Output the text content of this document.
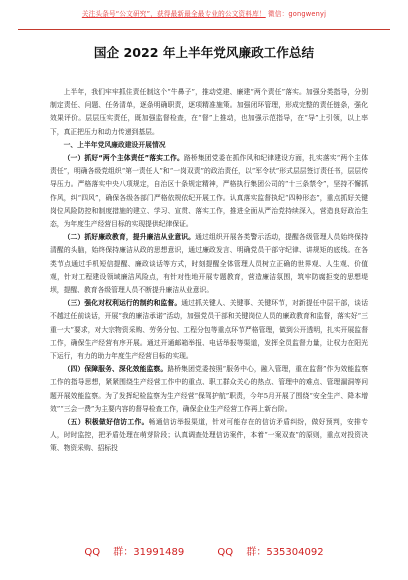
关注头条号“公文研究”，获得最新最全最专业的公文资料库！ 微信：gongwenyj
国企 2022 年上半年党风廉政工作总结

上半年，我们牢牢抓住责任制这个“牛鼻子”，推动党建、廉建“两个责任”落实。加强分类指导，分别制定责任、问题、任务清单，逐条明确职责，逐项精准施策。加强闭环管理，形成完整的责任链条，强化效果评价。层层压实责任，既加强监督检查，在“督”上推动，也加强示范指导，在“导”上引领，以上率下，真正把压力和动力传递到基层。

一、上半年党风廉政建设开展情况

（一）抓好“两个主体责任”落实工作。路桥集团党委在抓作风和纪律建设方面，扎实落实“两个主体责任”，明确各级党组织“第一责任人”和“一岗双责”的政治责任，以“军令状”形式层层签订责任书，层层传导压力。严格落实中央八项规定，自治区十条规定精神，严格执行集团公司的“十三条禁令”，坚持不懈抓作风，纠“四风”，确保各级各部门严格依规依纪开展工作。认真落实监督执纪“四种形态”，重点抓好关键岗位风险防控和制度措施的建立、学习、宣贯、落实工作，推进全面从严治党持续深入，营造良好政治生态，为年度生产经营目标的实现提供纪律保证。

（二）抓好廉政教育，提升廉洁从业意识。通过组织开展各类警示活动，提醒各级管理人员始终保持清醒的头脑，始终保持廉洁从政的思想意识，通过廉政发言、明确党员干部守纪律、讲规矩的底线。在各类节点通过手机短信提醒、廉政谈话等方式，时刻提醒全体管理人员树立正确的世界观、人生观、价值观，针对工程建设领域廉洁风险点，有针对性地开展专题教育，营造廉洁氛围，筑牢防腐拒变的思想堤坝，提醒、教育各级管理人员不断提升廉洁从业意识。

（三）强化对权利运行的制约和监督。通过抓关键人、关键事、关键环节，对新提任中层干部，谈话不越过任前谈话，开展“我的廉洁承诺”活动，加强党员干部和关键岗位人员的廉政教育和监督，落实好“三重一大”要求，对大宗物资采购、劳务分包、工程分包等重点环节严格管理，做到公开透明，扎实开展监督工作，确保生产经营有序开展。通过开通邮箱举报、电话举报等渠道，发挥全员监督力量，让权力在阳光下运行，有力的助力年度生产经营目标的实现。

（四）保障服务、深化效能监察。路桥集团党委按照“服务中心，融入管理，重在监督”作为效能监察工作的指导思想，紧紧围绕生产经营工作中的重点、职工群众关心的热点、管理中的难点、管理漏洞等问题开展效能监察。为了发挥纪检监察为生产经营“保驾护航”职责，今年5月开展了围绕“安全生产、降本增效”“三会一费”为主要内容的督导检查工作，确保企业生产经营工作再上新台阶。

（五）积极做好信访工作。畅通信访举报渠道，针对可能存在的信访矛盾纠纷，做好预判，安排专人，时时监控，把矛盾处理在萌芽阶段；认真调查处理信访案件，本着“一案双查”的原则，重点对投资决策、物资采购、招标投

QQ 群：31991489	QQ 群：535304092
